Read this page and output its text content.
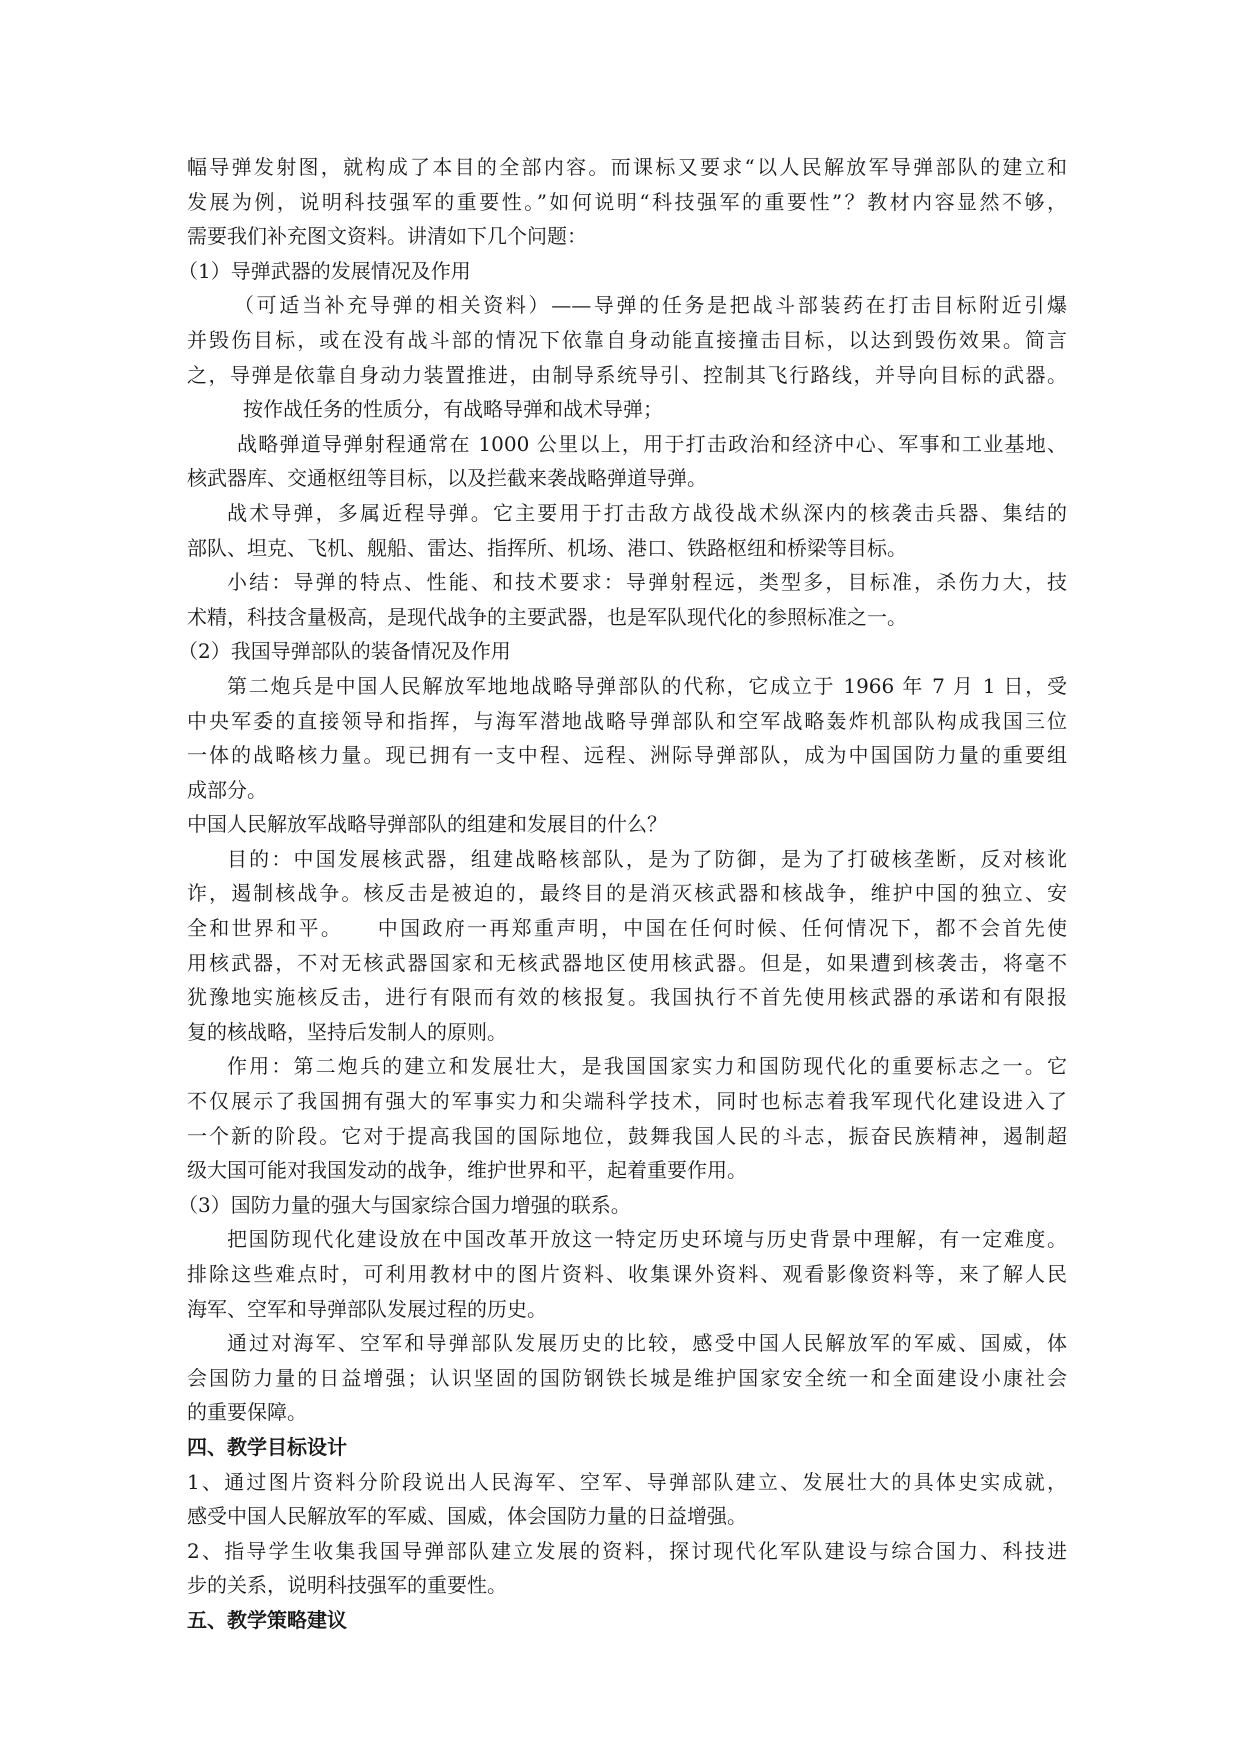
幅导弹发射图，就构成了本目的全部内容。而课标又要求“以人民解放军导弹部队的建立和
发展为例，说明科技强军的重要性。”如何说明“科技强军的重要性”？教材内容显然不够，
需要我们补充图文资料。讲清如下几个问题：
（1）导弹武器的发展情况及作用
（可适当补充导弹的相关资料）——导弹的任务是把战斗部装药在打击目标附近引爆
并毁伤目标，或在没有战斗部的情况下依靠自身动能直接撞击目标，以达到毁伤效果。简言
之，导弹是依靠自身动力装置推进，由制导系统导引、控制其飞行路线，并导向目标的武器。
按作战任务的性质分，有战略导弹和战术导弹；
战略弹道导弹射程通常在 1000 公里以上，用于打击政治和经济中心、军事和工业基地、
核武器库、交通枢纽等目标，以及拦截来袭战略弹道导弹。
战术导弹，多属近程导弹。它主要用于打击敌方战役战术纵深内的核袭击兵器、集结的
部队、坦克、飞机、舰船、雷达、指挥所、机场、港口、铁路枢纽和桥梁等目标。
小结：导弹的特点、性能、和技术要求：导弹射程远，类型多，目标准，杀伤力大，技
术精，科技含量极高，是现代战争的主要武器，也是军队现代化的参照标准之一。
（2）我国导弹部队的装备情况及作用
第二炮兵是中国人民解放军地地战略导弹部队的代称，它成立于 1966 年 7 月 1 日，受
中央军委的直接领导和指挥，与海军潜地战略导弹部队和空军战略轰炸机部队构成我国三位
一体的战略核力量。现已拥有一支中程、远程、洲际导弹部队，成为中国国防力量的重要组
成部分。
中国人民解放军战略导弹部队的组建和发展目的什么？
目的：中国发展核武器，组建战略核部队，是为了防御，是为了打破核垄断，反对核讹
诈，遏制核战争。核反击是被迫的，最终目的是消灭核武器和核战争，维护中国的独立、安
全和世界和平。　　中国政府一再郑重声明，中国在任何时候、任何情况下，都不会首先使
用核武器，不对无核武器国家和无核武器地区使用核武器。但是，如果遭到核袭击，将毫不
犹豫地实施核反击，进行有限而有效的核报复。我国执行不首先使用核武器的承诺和有限报
复的核战略，坚持后发制人的原则。
作用：第二炮兵的建立和发展壮大，是我国国家实力和国防现代化的重要标志之一。它
不仅展示了我国拥有强大的军事实力和尖端科学技术，同时也标志着我军现代化建设进入了
一个新的阶段。它对于提高我国的国际地位，鼓舞我国人民的斗志，振奋民族精神，遏制超
级大国可能对我国发动的战争，维护世界和平，起着重要作用。
（3）国防力量的强大与国家综合国力增强的联系。
把国防现代化建设放在中国改革开放这一特定历史环境与历史背景中理解，有一定难度。
排除这些难点时，可利用教材中的图片资料、收集课外资料、观看影像资料等，来了解人民
海军、空军和导弹部队发展过程的历史。
通过对海军、空军和导弹部队发展历史的比较，感受中国人民解放军的军威、国威，体
会国防力量的日益增强；认识坚固的国防钢铁长城是维护国家安全统一和全面建设小康社会
的重要保障。
四、教学目标设计
1、通过图片资料分阶段说出人民海军、空军、导弹部队建立、发展壮大的具体史实成就，
感受中国人民解放军的军威、国威，体会国防力量的日益增强。
2、指导学生收集我国导弹部队建立发展的资料，探讨现代化军队建设与综合国力、科技进
步的关系，说明科技强军的重要性。
五、教学策略建议
